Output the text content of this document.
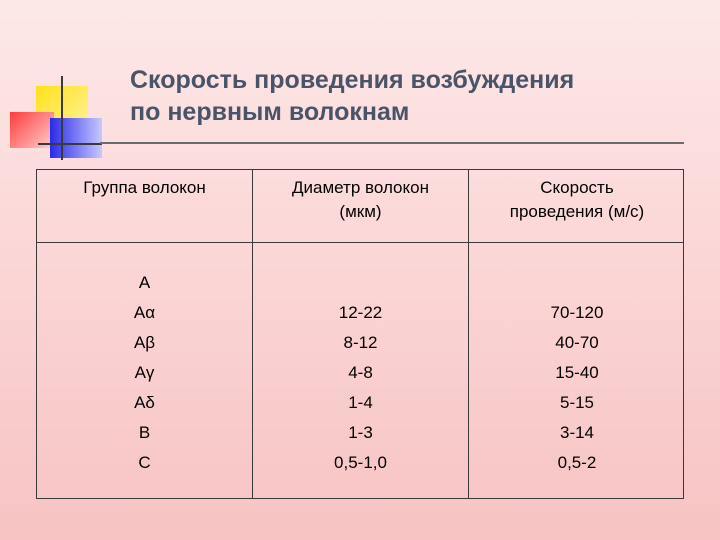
Скорость проведения возбуждения
по нервным волокнам
Группа волокон	Диаметр волокон
(мкм)
Скорость
проведения (м/с)
A
Aα
Aβ
Aγ
Aδ
B
C
12-22
8-12
4-8
1-4
1-3
0,5-1,0
70-120
40-70
15-40
5-15
3-14
0,5-2
